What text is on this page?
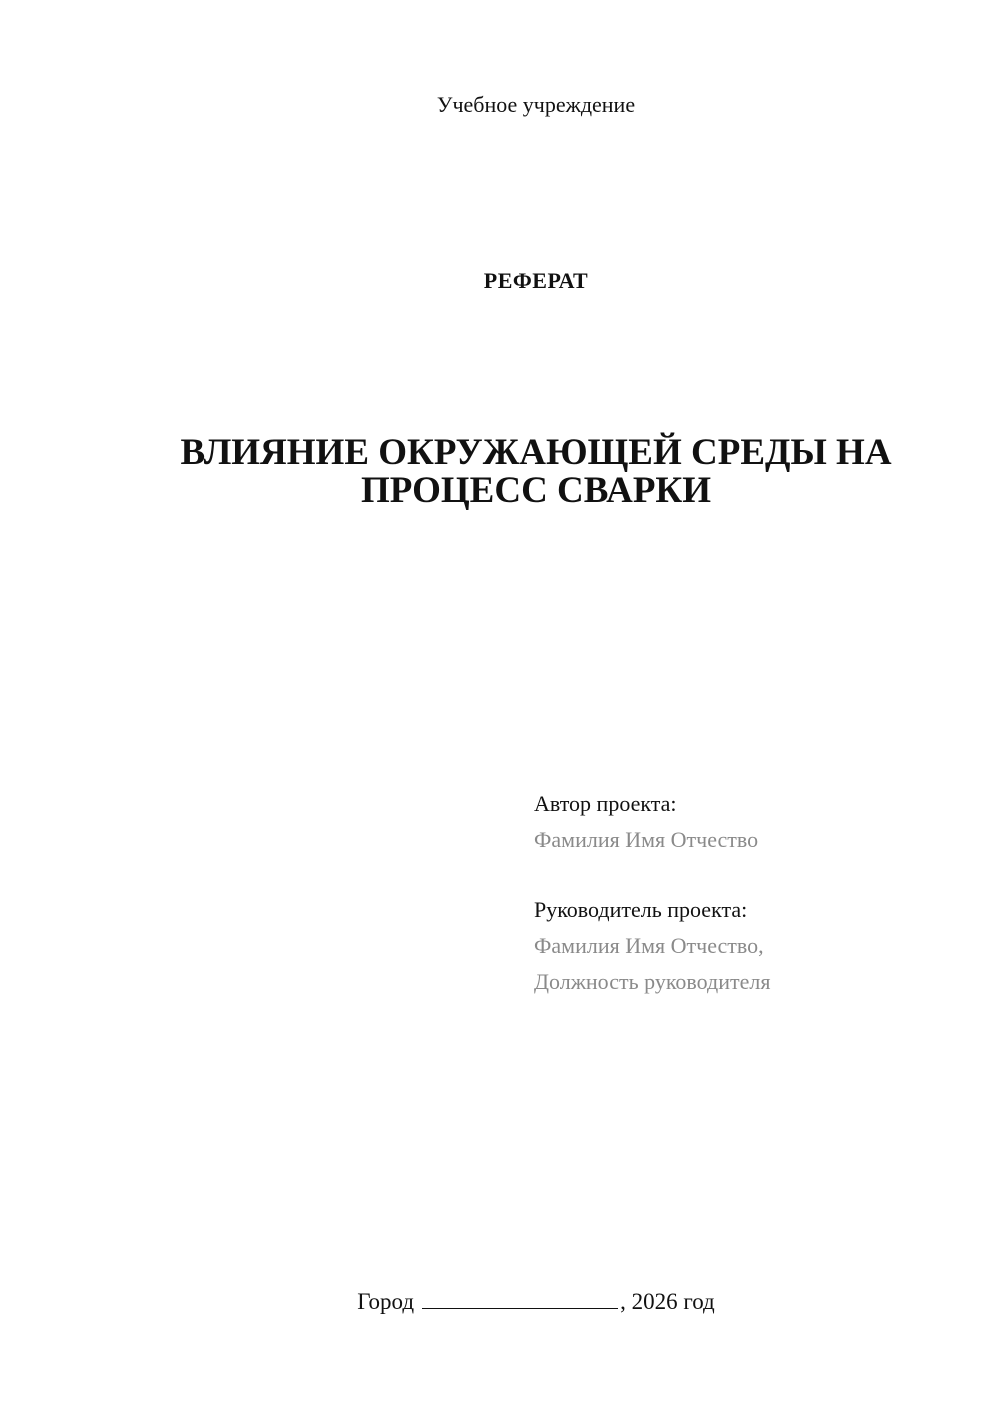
Учебное учреждение
РЕФЕРАТ
ВЛИЯНИЕ ОКРУЖАЮЩЕЙ СРЕДЫ НА
ПРОЦЕСС СВАРКИ
Автор проекта:
Фамилия Имя Отчество
Руководитель проекта:
Фамилия Имя Отчество,
Должность руководителя
Город	, 2026 год
